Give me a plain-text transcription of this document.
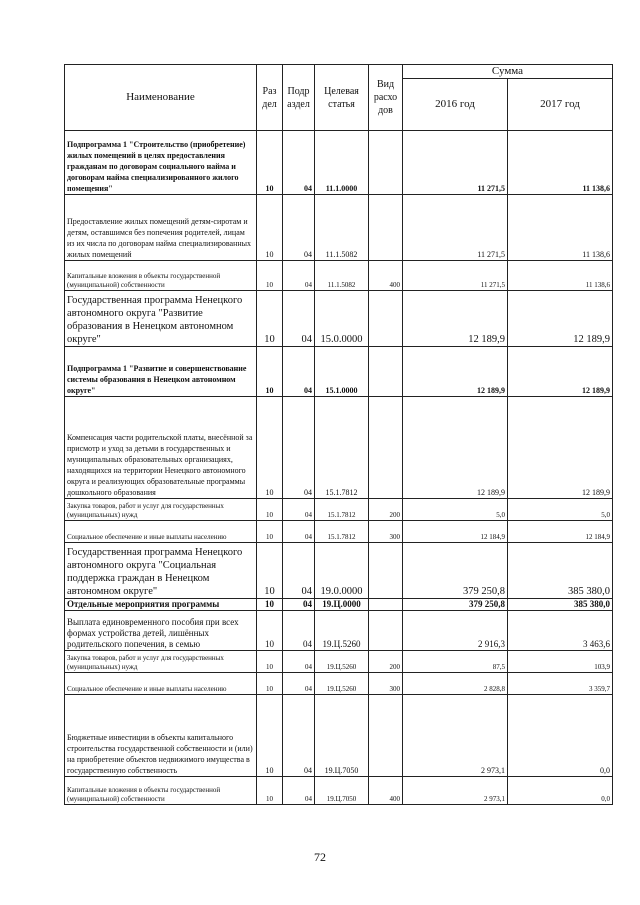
Наименование	Раз дел	Подр аздел	Целевая статья	Вид расхо дов	Сумма	
					2016 год	2017 год
Подпрограмма 1 "Строительство (приобретение) жилых помещений в целях предоставления гражданам по договорам социального найма и договорам найма специализированного жилого помещения"	10	04	11.1.0000		11 271,5	11 138,6
Предоставление жилых помещений детям-сиротам и детям, оставшимся без попечения родителей, лицам из их числа по договорам найма специализированных жилых помещений	10	04	11.1.5082		11 271,5	11 138,6
Капитальные вложения в объекты государственной (муниципальной) собственности	10	04	11.1.5082	400	11 271,5	11 138,6
Государственная программа Ненецкого автономного округа "Развитие образования в Ненецком автономном округе"	10	04	15.0.0000		12 189,9	12 189,9
Подпрограмма 1 "Развитие и совершенствование системы образования в Ненецком автономном округе"	10	04	15.1.0000		12 189,9	12 189,9
Компенсация части родительской платы, внесённой за присмотр и уход за детьми в государственных и муниципальных образовательных организациях, находящихся на территории Ненецкого автономного округа и реализующих образовательные программы дошкольного образования	10	04	15.1.7812		12 189,9	12 189,9
Закупка товаров, работ и услуг для государственных (муниципальных) нужд	10	04	15.1.7812	200	5,0	5,0
Социальное обеспечение и иные выплаты населению	10	04	15.1.7812	300	12 184,9	12 184,9
Государственная программа Ненецкого автономного округа "Социальная поддержка граждан в Ненецком автономном округе"	10	04	19.0.0000		379 250,8	385 380,0
Отдельные мероприятия программы	10	04	19.Ц.0000		379 250,8	385 380,0
Выплата единовременного пособия при всех формах устройства детей, лишённых родительского попечения, в семью	10	04	19.Ц.5260		2 916,3	3 463,6
Закупка товаров, работ и услуг для государственных (муниципальных) нужд	10	04	19.Ц.5260	200	87,5	103,9
Социальное обеспечение и иные выплаты населению	10	04	19.Ц.5260	300	2 828,8	3 359,7
Бюджетные инвестиции в объекты капитального строительства государственной собственности и (или) на приобретение объектов недвижимого имущества в государственную собственность	10	04	19.Ц.7050		2 973,1	0,0
Капитальные вложения в объекты государственной (муниципальной) собственности	10	04	19.Ц.7050	400	2 973,1	0,0
72
